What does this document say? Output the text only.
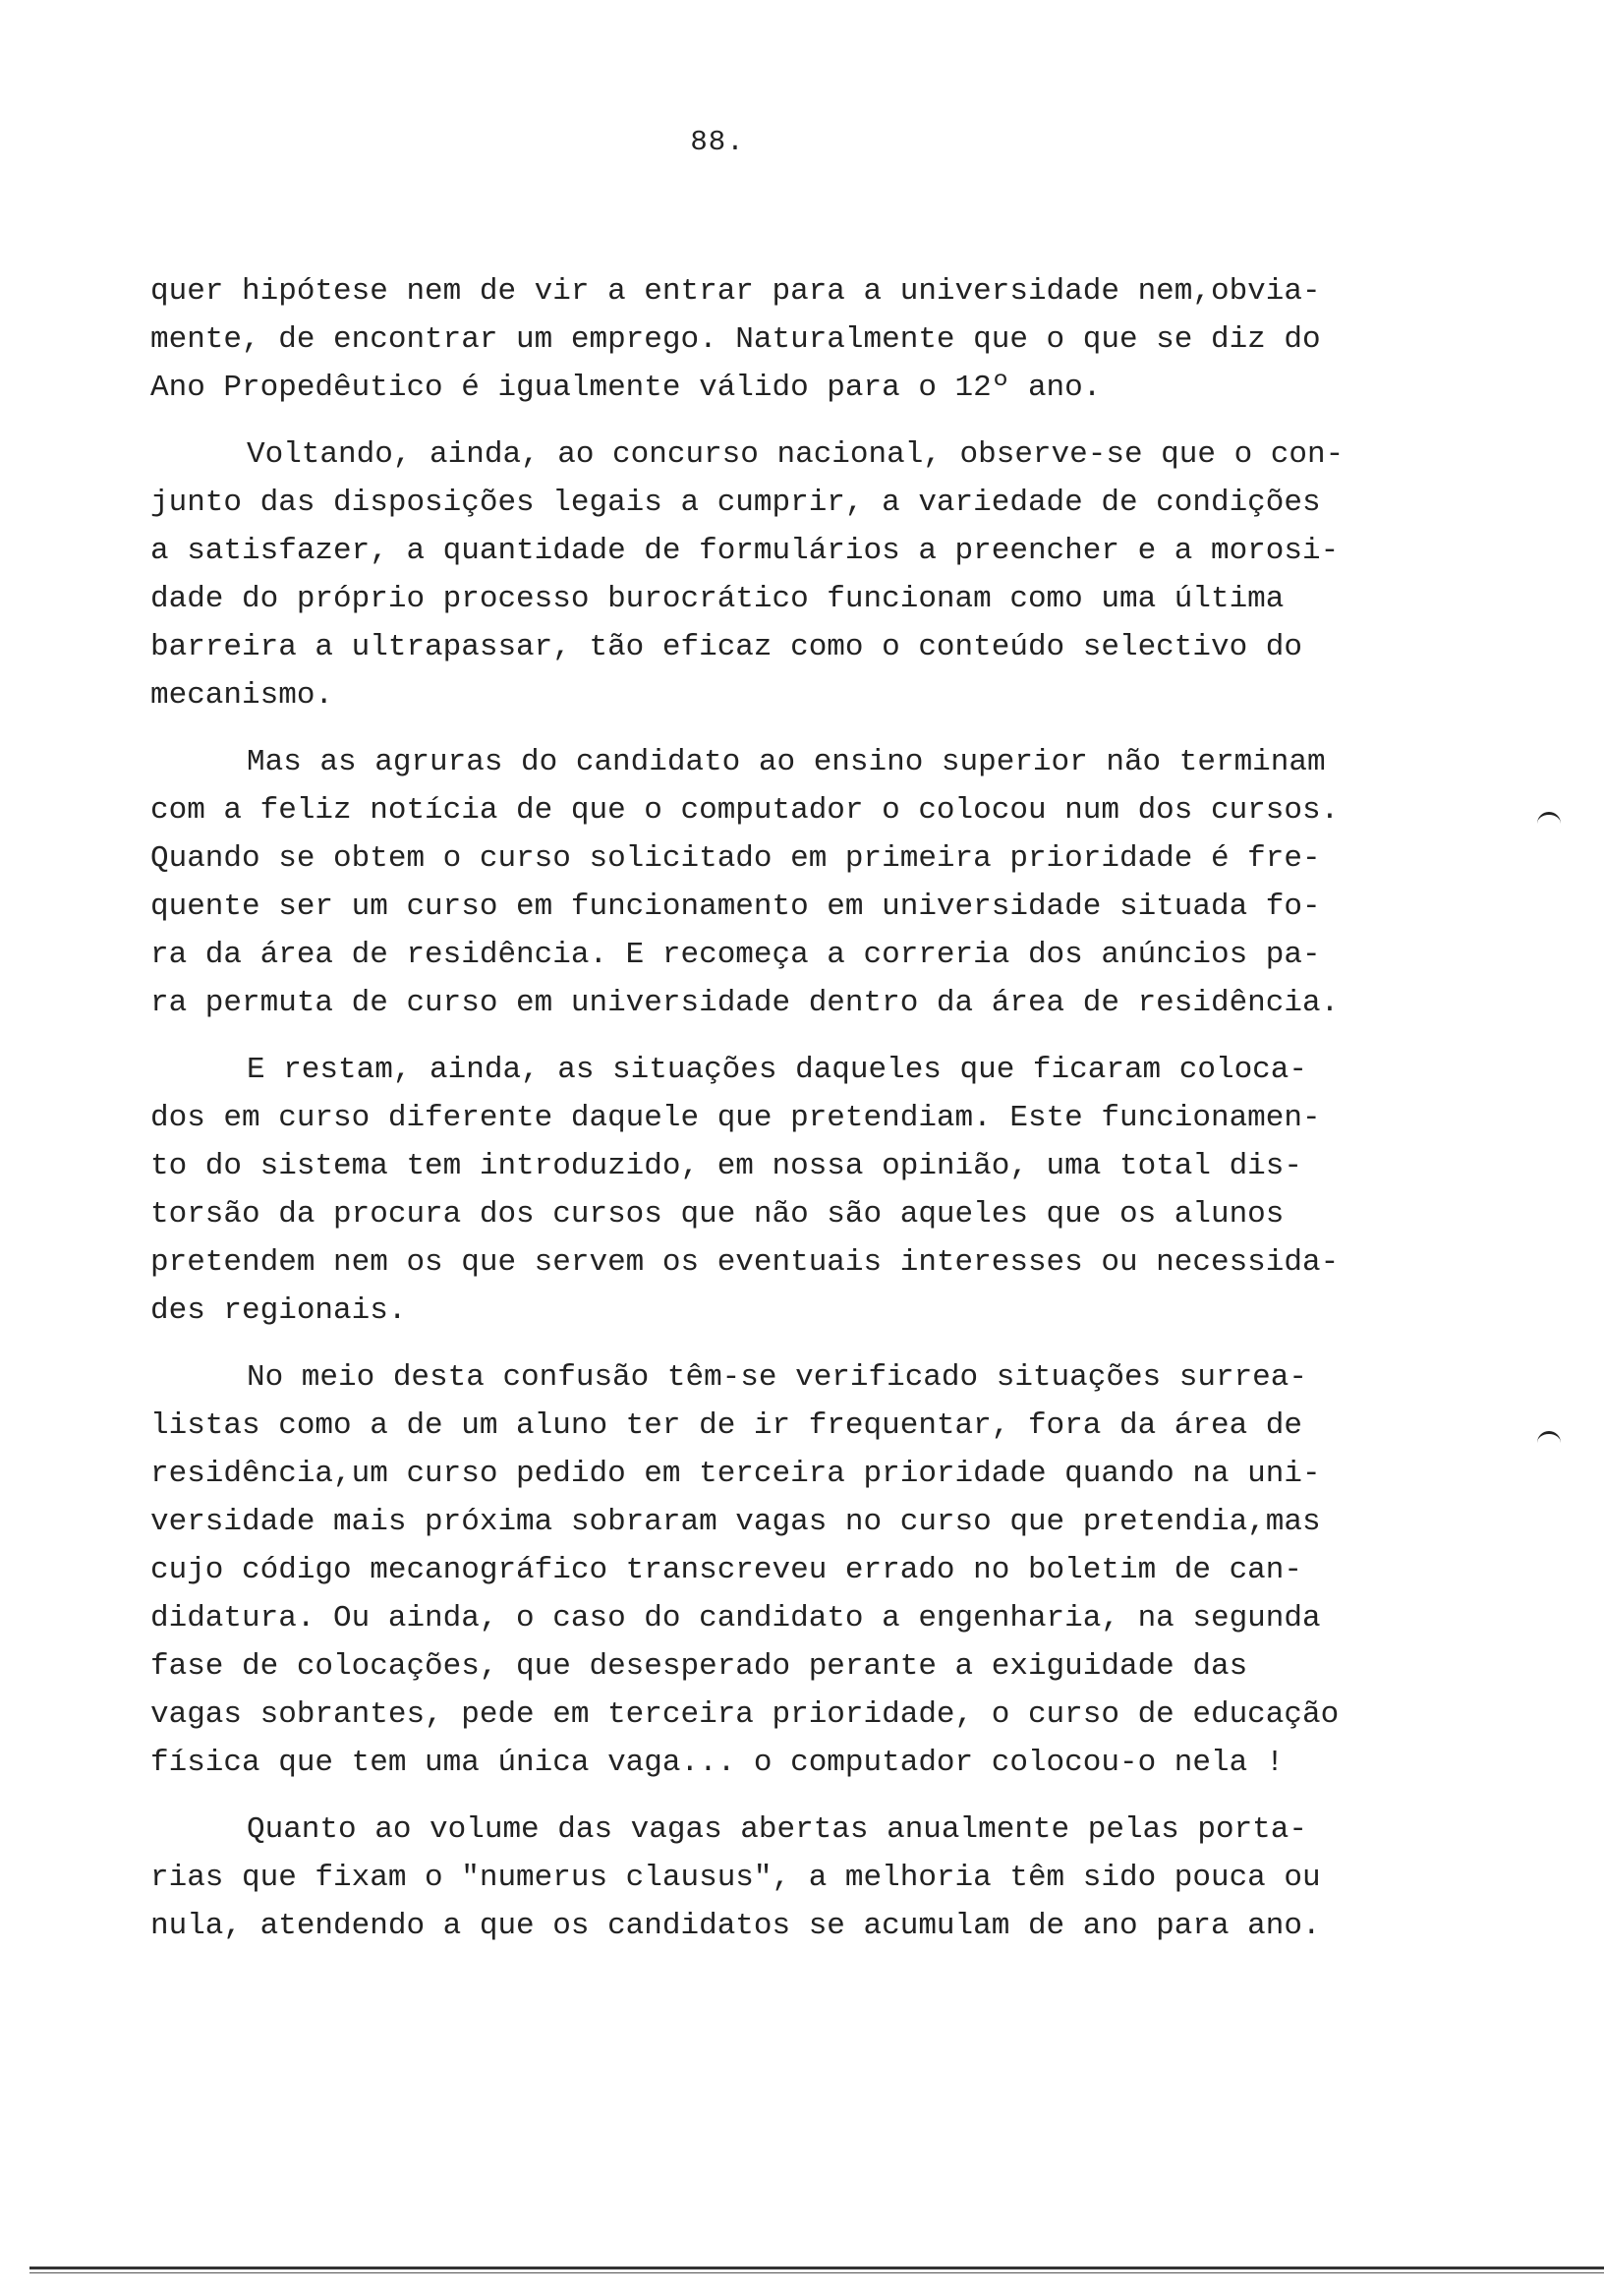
88.
quer hipótese nem de vir a entrar para a universidade nem,obvia-
mente, de encontrar um emprego. Naturalmente que o que se diz do
Ano Propedêutico é igualmente válido para o 12º ano.
Voltando, ainda, ao concurso nacional, observe-se que o con-
junto das disposições legais a cumprir, a variedade de condições
a satisfazer, a quantidade de formulários a preencher e a morosi-
dade do próprio processo burocrático funcionam como uma última
barreira a ultrapassar, tão eficaz como o conteúdo selectivo do
mecanismo.
Mas as agruras do candidato ao ensino superior não terminam
com a feliz notícia de que o computador o colocou num dos cursos.
Quando se obtem o curso solicitado em primeira prioridade é fre-
quente ser um curso em funcionamento em universidade situada fo-
ra da área de residência. E recomeça a correria dos anúncios pa-
ra permuta de curso em universidade dentro da área de residência.
E restam, ainda, as situações daqueles que ficaram coloca-
dos em curso diferente daquele que pretendiam. Este funcionamen-
to do sistema tem introduzido, em nossa opinião, uma total dis-
torsão da procura dos cursos que não são aqueles que os alunos
pretendem nem os que servem os eventuais interesses ou necessida-
des regionais.
No meio desta confusão têm-se verificado situações surrea-
listas como a de um aluno ter de ir frequentar, fora da área de
residência,um curso pedido em terceira prioridade quando na uni-
versidade mais próxima sobraram vagas no curso que pretendia,mas
cujo código mecanográfico transcreveu errado no boletim de can-
didatura. Ou ainda, o caso do candidato a engenharia, na segunda
fase de colocações, que desesperado perante a exiguidade das
vagas sobrantes, pede em terceira prioridade, o curso de educação
física que tem uma única vaga... o computador colocou-o nela !
Quanto ao volume das vagas abertas anualmente pelas porta-
rias que fixam o "numerus clausus", a melhoria têm sido pouca ou
nula, atendendo a que os candidatos se acumulam de ano para ano.
